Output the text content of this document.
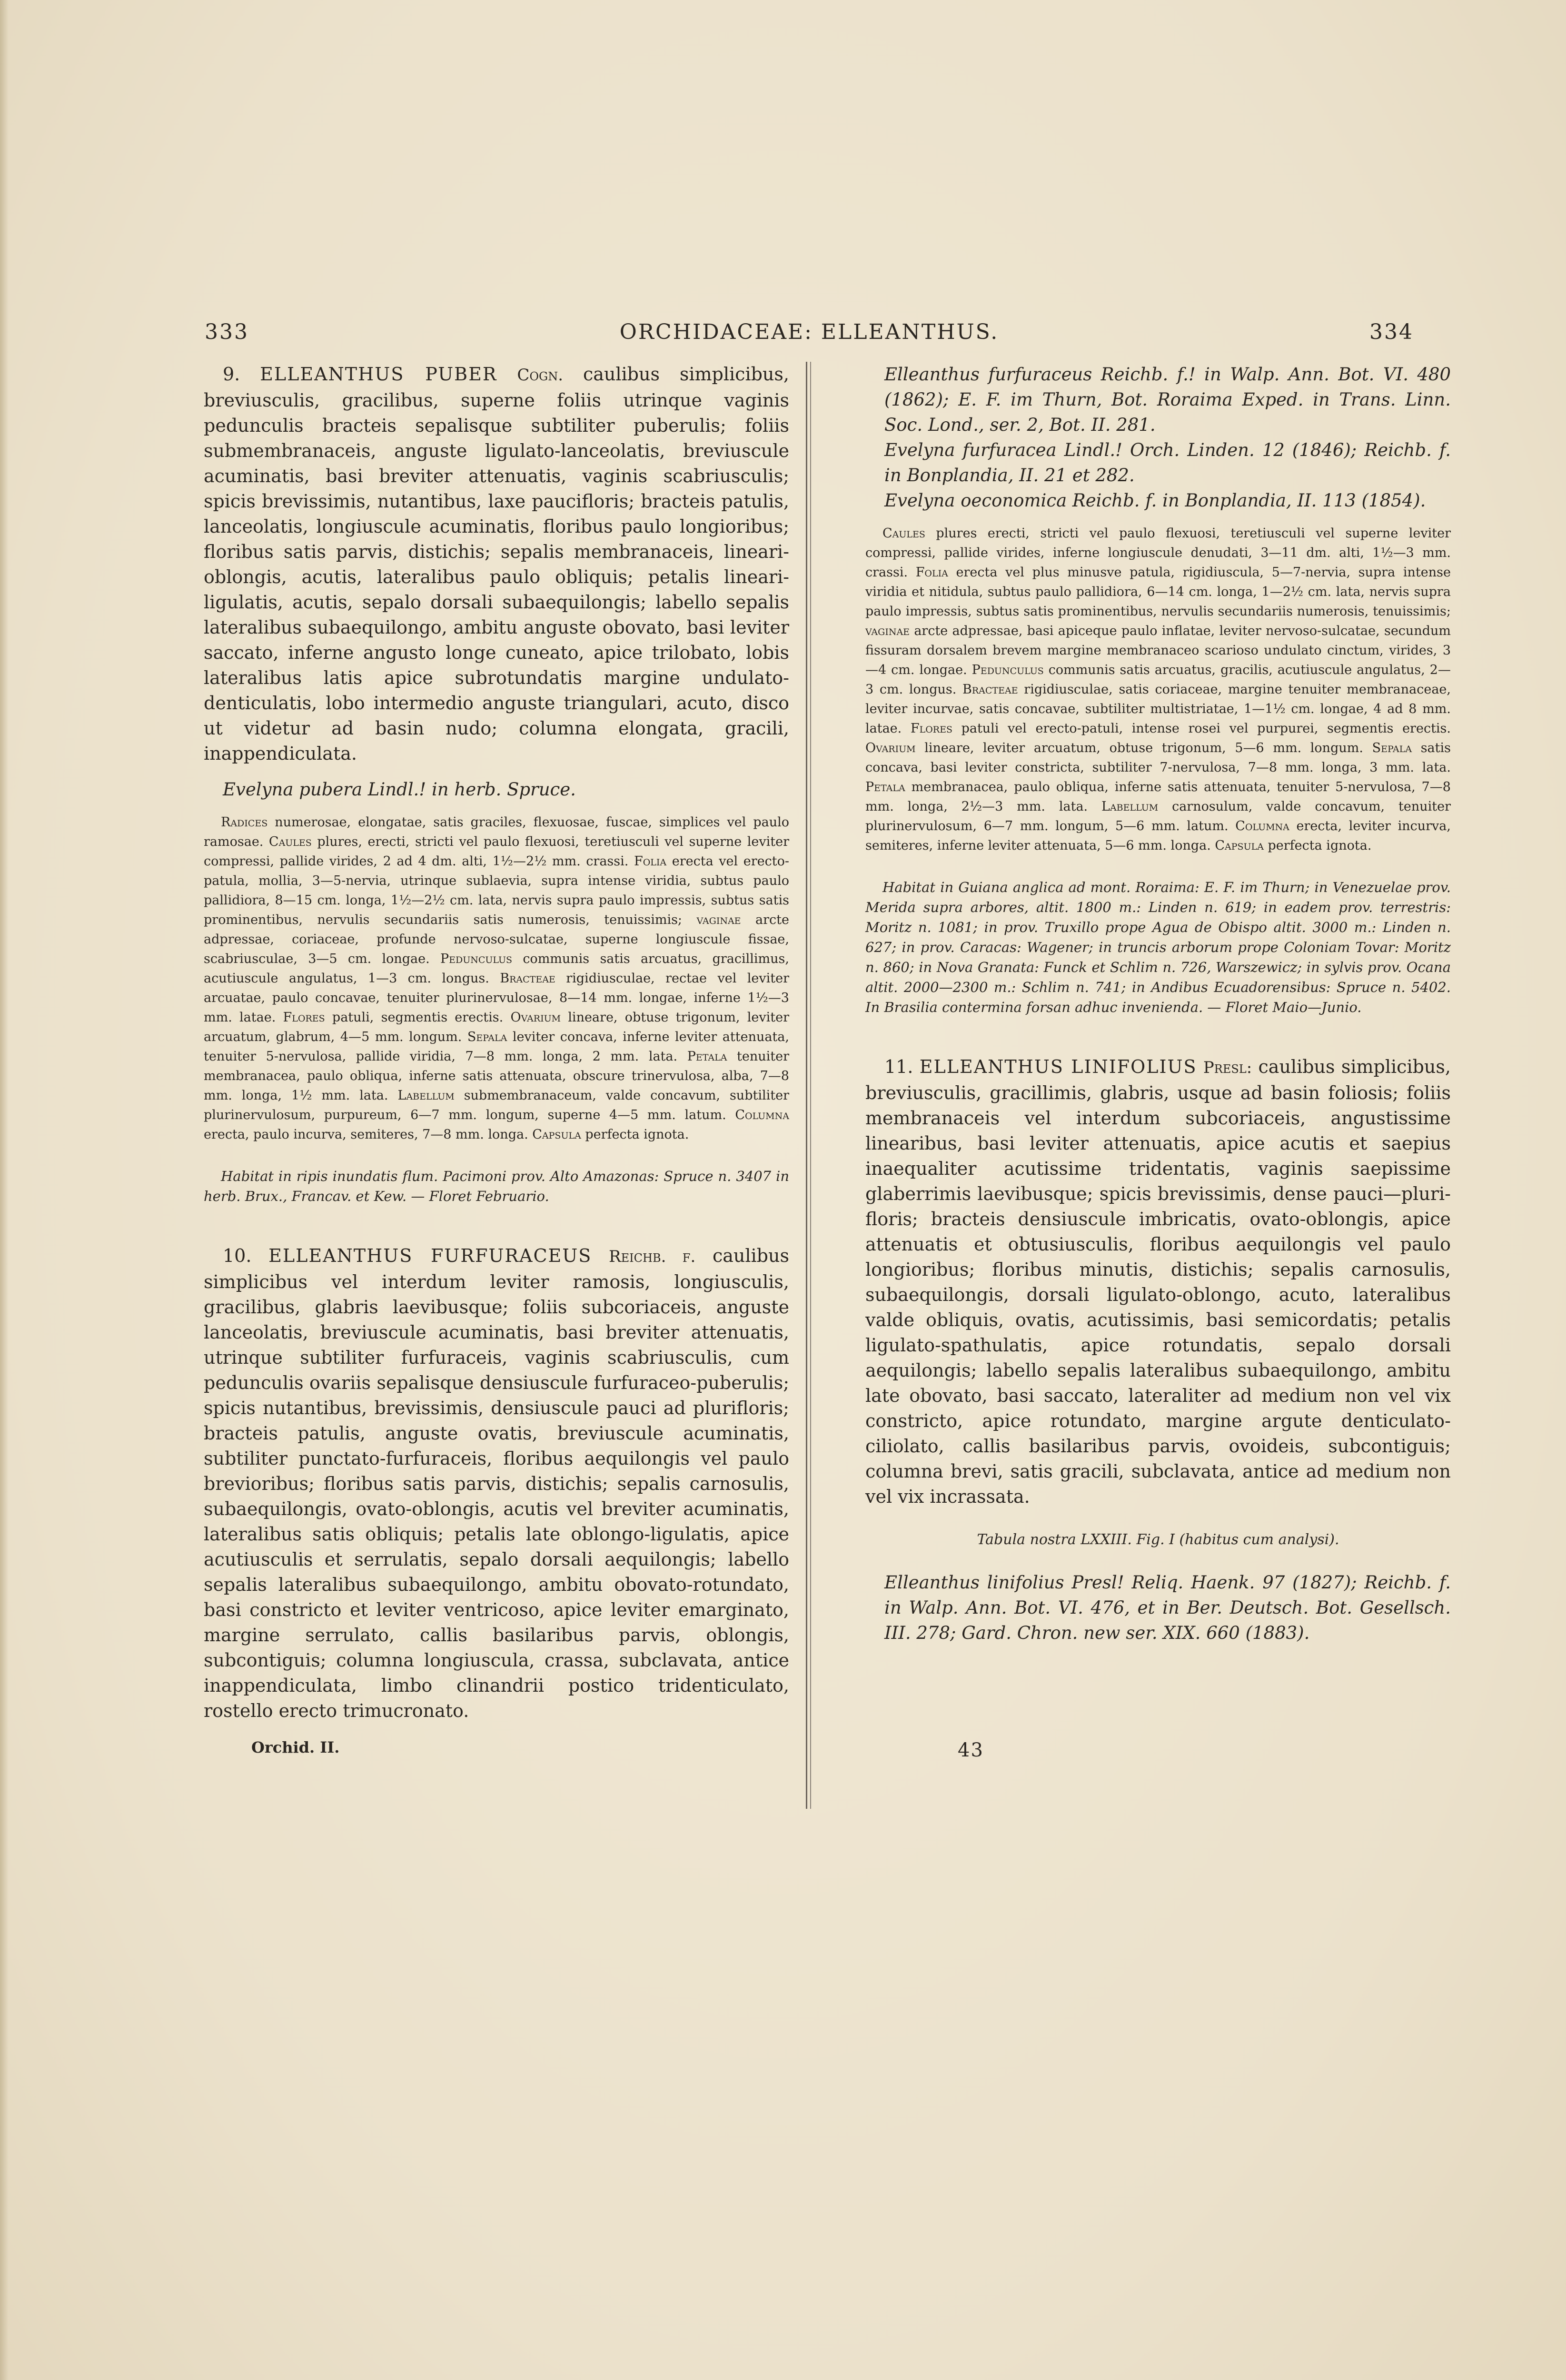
333	ORCHIDACEAE: ELLEANTHUS.	334

9. ELLEANTHUS PUBER Cogn. caulibus simplicibus, breviusculis, gracilibus, superne foliis utrinque vaginis pedunculis bracteis sepalisque subtiliter puberulis; foliis submembranaceis, anguste ligulato-lanceolatis, breviuscule acuminatis, basi breviter attenuatis, vaginis scabriusculis; spicis brevissimis, nutantibus, laxe paucifloris; bracteis patulis, lanceolatis, longiuscule acuminatis, floribus paulo longioribus; floribus satis parvis, distichis; sepalis membranaceis, lineari-oblongis, acutis, lateralibus paulo obliquis; petalis lineari-ligulatis, acutis, sepalo dorsali subaequilongis; labello sepalis lateralibus subaequilongo, ambitu anguste obovato, basi leviter saccato, inferne angusto longe cuneato, apice trilobato, lobis lateralibus latis apice subrotundatis margine undulato-denticulatis, lobo intermedio anguste triangulari, acuto, disco ut videtur ad basin nudo; columna elongata, gracili, inappendiculata.

Evelyna pubera Lindl.! in herb. Spruce.

Radices numerosae, elongatae, satis graciles, flexuosae, fuscae, simplices vel paulo ramosae. Caules plures, erecti, stricti vel paulo flexuosi, teretiusculi vel superne leviter compressi, pallide virides, 2 ad 4 dm. alti, 1½—2½ mm. crassi. Folia erecta vel erecto-patula, mollia, 3—5-nervia, utrinque sublaevia, supra intense viridia, subtus paulo pallidiora, 8—15 cm. longa, 1½—2½ cm. lata, nervis supra paulo impressis, subtus satis prominentibus, nervulis secundariis satis numerosis, tenuissimis; vaginae arcte adpressae, coriaceae, profunde nervoso-sulcatae, superne longiuscule fissae, scabriusculae, 3—5 cm. longae. Pedunculus communis satis arcuatus, gracillimus, acutiuscule angulatus, 1—3 cm. longus. Bracteae rigidiusculae, rectae vel leviter arcuatae, paulo concavae, tenuiter plurinervulosae, 8—14 mm. longae, inferne 1½—3 mm. latae. Flores patuli, segmentis erectis. Ovarium lineare, obtuse trigonum, leviter arcuatum, glabrum, 4—5 mm. longum. Sepala leviter concava, inferne leviter attenuata, tenuiter 5-nervulosa, pallide viridia, 7—8 mm. longa, 2 mm. lata. Petala tenuiter membranacea, paulo obliqua, inferne satis attenuata, obscure trinervulosa, alba, 7—8 mm. longa, 1½ mm. lata. Labellum submembranaceum, valde concavum, subtiliter plurinervulosum, purpureum, 6—7 mm. longum, superne 4—5 mm. latum. Columna erecta, paulo incurva, semiteres, 7—8 mm. longa. Capsula perfecta ignota.

Habitat in ripis inundatis flum. Pacimoni prov. Alto Amazonas: Spruce n. 3407 in herb. Brux., Francav. et Kew. — Floret Februario.

10. ELLEANTHUS FURFURACEUS Reichb. f. caulibus simplicibus vel interdum leviter ramosis, longiusculis, gracilibus, glabris laevibusque; foliis subcoriaceis, anguste lanceolatis, breviuscule acuminatis, basi breviter attenuatis, utrinque subtiliter furfuraceis, vaginis scabriusculis, cum pedunculis ovariis sepalisque densiuscule furfuraceo-puberulis; spicis nutantibus, brevissimis, densiuscule pauci ad plurifloris; bracteis patulis, anguste ovatis, breviuscule acuminatis, subtiliter punctato-furfuraceis, floribus aequilongis vel paulo brevioribus; floribus satis parvis, distichis; sepalis carnosulis, subaequilongis, ovato-oblongis, acutis vel breviter acuminatis, lateralibus satis obliquis; petalis late oblongo-ligulatis, apice acutiusculis et serrulatis, sepalo dorsali aequilongis; labello sepalis lateralibus subaequilongo, ambitu obovato-rotundato, basi constricto et leviter ventricoso, apice leviter emarginato, margine serrulato, callis basilaribus parvis, oblongis, subcontiguis; columna longiuscula, crassa, subclavata, antice inappendiculata, limbo clinandrii postico tridenticulato, rostello erecto trimucronato.

Orchid. II.

Elleanthus furfuraceus Reichb. f.! in Walp. Ann. Bot. VI. 480 (1862); E. F. im Thurn, Bot. Roraima Exped. in Trans. Linn. Soc. Lond., ser. 2, Bot. II. 281.

Evelyna furfuracea Lindl.! Orch. Linden. 12 (1846); Reichb. f. in Bonplandia, II. 21 et 282.

Evelyna oeconomica Reichb. f. in Bonplandia, II. 113 (1854).

Caules plures erecti, stricti vel paulo flexuosi, teretiusculi vel superne leviter compressi, pallide virides, inferne longiuscule denudati, 3—11 dm. alti, 1½—3 mm. crassi. Folia erecta vel plus minusve patula, rigidiuscula, 5—7-nervia, supra intense viridia et nitidula, subtus paulo pallidiora, 6—14 cm. longa, 1—2½ cm. lata, nervis supra paulo impressis, subtus satis prominentibus, nervulis secundariis numerosis, tenuissimis; vaginae arcte adpressae, basi apiceque paulo inflatae, leviter nervoso-sulcatae, secundum fissuram dorsalem brevem margine membranaceo scarioso undulato cinctum, virides, 3—4 cm. longae. Pedunculus communis satis arcuatus, gracilis, acutiuscule angulatus, 2—3 cm. longus. Bracteae rigidiusculae, satis coriaceae, margine tenuiter membranaceae, leviter incurvae, satis concavae, subtiliter multistriatae, 1—1½ cm. longae, 4 ad 8 mm. latae. Flores patuli vel erecto-patuli, intense rosei vel purpurei, segmentis erectis. Ovarium lineare, leviter arcuatum, obtuse trigonum, 5—6 mm. longum. Sepala satis concava, basi leviter constricta, subtiliter 7-nervulosa, 7—8 mm. longa, 3 mm. lata. Petala membranacea, paulo obliqua, inferne satis attenuata, tenuiter 5-nervulosa, 7—8 mm. longa, 2½—3 mm. lata. Labellum carnosulum, valde concavum, tenuiter plurinervulosum, 6—7 mm. longum, 5—6 mm. latum. Columna erecta, leviter incurva, semiteres, inferne leviter attenuata, 5—6 mm. longa. Capsula perfecta ignota.

Habitat in Guiana anglica ad mont. Roraima: E. F. im Thurn; in Venezuelae prov. Merida supra arbores, altit. 1800 m.: Linden n. 619; in eadem prov. terrestris: Moritz n. 1081; in prov. Truxillo prope Agua de Obispo altit. 3000 m.: Linden n. 627; in prov. Caracas: Wagener; in truncis arborum prope Coloniam Tovar: Moritz n. 860; in Nova Granata: Funck et Schlim n. 726, Warszewicz; in sylvis prov. Ocana altit. 2000—2300 m.: Schlim n. 741; in Andibus Ecuadorensibus: Spruce n. 5402. In Brasilia contermina forsan adhuc invenienda. — Floret Maio—Junio.

11. ELLEANTHUS LINIFOLIUS Presl: caulibus simplicibus, breviusculis, gracillimis, glabris, usque ad basin foliosis; foliis membranaceis vel interdum subcoriaceis, angustissime linearibus, basi leviter attenuatis, apice acutis et saepius inaequaliter acutissime tridentatis, vaginis saepissime glaberrimis laevibusque; spicis brevissimis, dense pauci—pluri-floris; bracteis densiuscule imbricatis, ovato-oblongis, apice attenuatis et obtusiusculis, floribus aequilongis vel paulo longioribus; floribus minutis, distichis; sepalis carnosulis, subaequilongis, dorsali ligulato-oblongo, acuto, lateralibus valde obliquis, ovatis, acutissimis, basi semicordatis; petalis ligulato-spathulatis, apice rotundatis, sepalo dorsali aequilongis; labello sepalis lateralibus subaequilongo, ambitu late obovato, basi saccato, lateraliter ad medium non vel vix constricto, apice rotundato, margine argute denticulato-ciliolato, callis basilaribus parvis, ovoideis, subcontiguis; columna brevi, satis gracili, subclavata, antice ad medium non vel vix incrassata.

Tabula nostra LXXIII. Fig. I (habitus cum analysi).

Elleanthus linifolius Presl! Reliq. Haenk. 97 (1827); Reichb. f. in Walp. Ann. Bot. VI. 476, et in Ber. Deutsch. Bot. Gesellsch. III. 278; Gard. Chron. new ser. XIX. 660 (1883).

43
